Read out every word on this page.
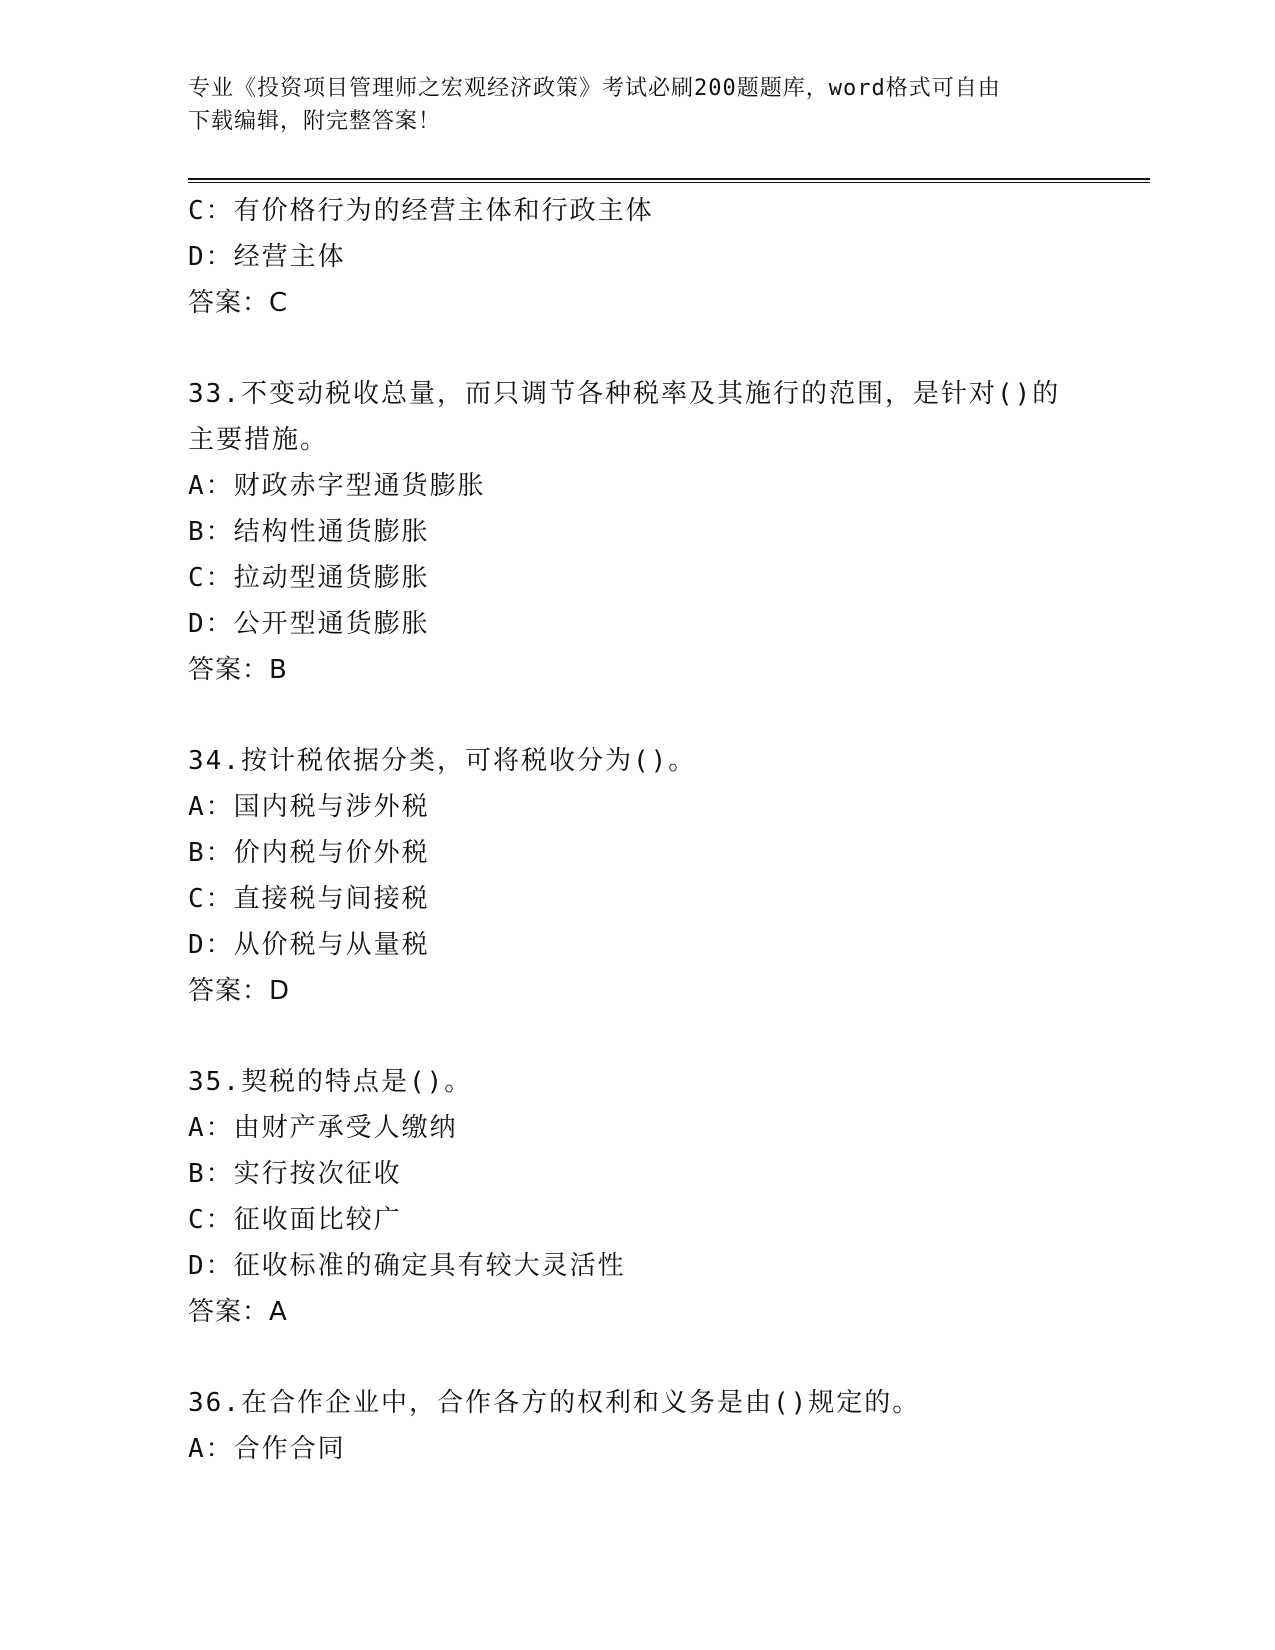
专业《投资项目管理师之宏观经济政策》考试必刷200题题库，word格式可自由
下载编辑，附完整答案！
C：有价格行为的经营主体和行政主体
D：经营主体
答案：C
33.不变动税收总量，而只调节各种税率及其施行的范围，是针对()的
主要措施。
A：财政赤字型通货膨胀
B：结构性通货膨胀
C：拉动型通货膨胀
D：公开型通货膨胀
答案：B
34.按计税依据分类，可将税收分为()。
A：国内税与涉外税
B：价内税与价外税
C：直接税与间接税
D：从价税与从量税
答案：D
35.契税的特点是()。
A：由财产承受人缴纳
B：实行按次征收
C：征收面比较广
D：征收标准的确定具有较大灵活性
答案：A
36.在合作企业中，合作各方的权利和义务是由()规定的。
A：合作合同
